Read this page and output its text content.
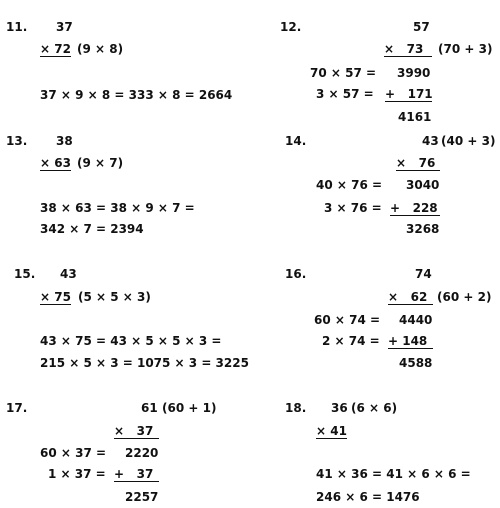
11. 37
× 72 (9 × 8)
37 × 9 × 8 = 333 × 8 = 2664
12.	57
×   73	(70 + 3)
70 × 57 = 3990
3 × 57 = +   171
4161
13. 38
× 63 (9 × 7)
38 × 63 = 38 × 9 × 7 =
342 × 7 = 2394
14.	43 (40 + 3)
×   76
40 × 76 = 3040
3 × 76 = +   228
3268
15. 43
× 75 (5 × 5 × 3)
43 × 75 = 43 × 5 × 5 × 3 =
215 × 5 × 3 = 1075 × 3 = 3225
16.	74
×   62 (60 + 2)
60 × 74 = 4440
2 × 74 = + 148
4588
17.	61 (60 + 1)
×   37
60 × 37 = 2220
1 × 37 = +   37
2257
18. 36 (6 × 6)
× 41
41 × 36 = 41 × 6 × 6 =
246 × 6 = 1476
